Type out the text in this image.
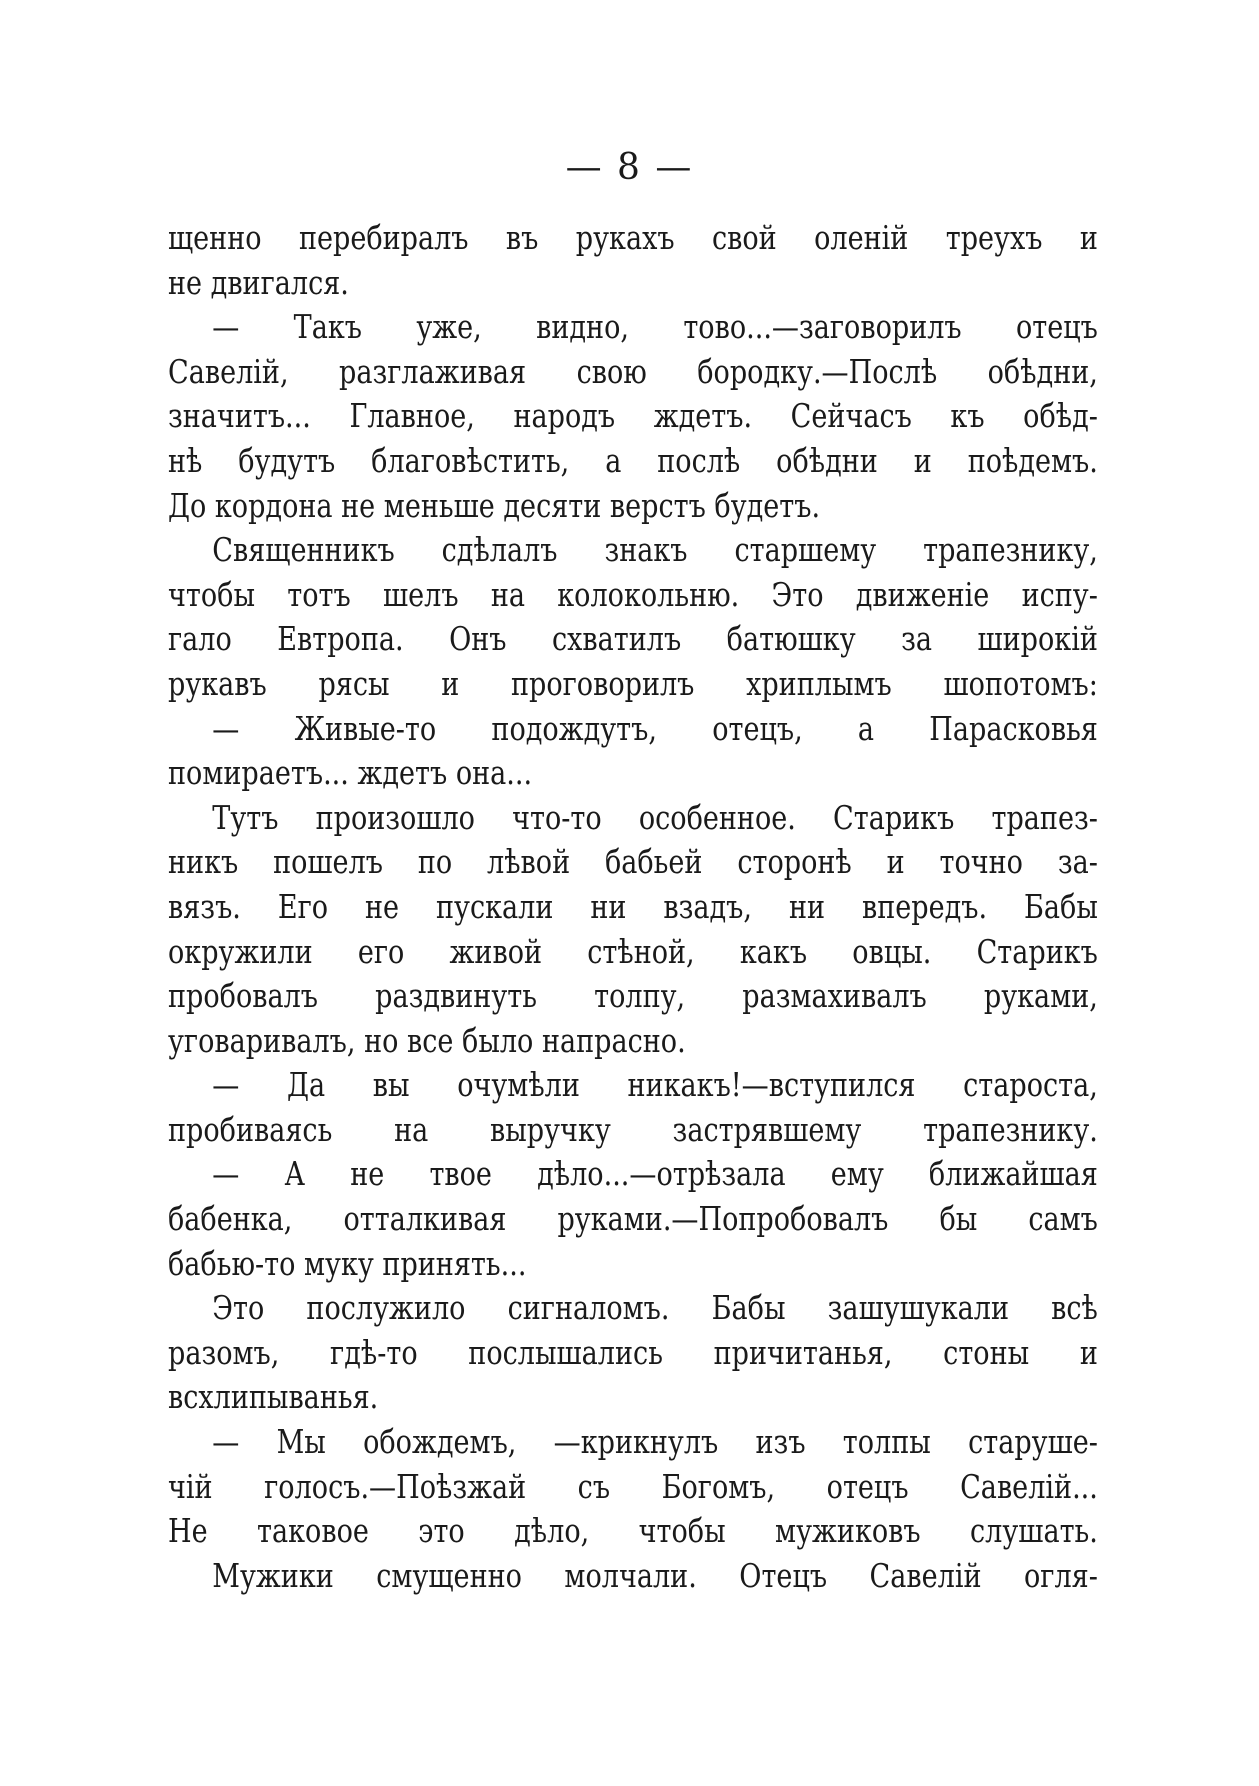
— 8 —
щенно перебиралъ въ рукахъ свой оленій треухъ и
не двигался.
— Такъ уже, видно, тово...—заговорилъ отецъ
Савелій, разглаживая свою бородку.—Послѣ обѣдни,
значитъ... Главное, народъ ждетъ. Сейчасъ къ обѣд-
нѣ будутъ благовѣстить, а послѣ обѣдни и поѣдемъ.
До кордона не меньше десяти верстъ будетъ.
Священникъ сдѣлалъ знакъ старшему трапезнику,
чтобы тотъ шелъ на колокольню. Это движеніе испу-
гало Евтропа. Онъ схватилъ батюшку за широкій
рукавъ рясы и проговорилъ хриплымъ шопотомъ:
— Живые-то подождутъ, отецъ, а Парасковья
помираетъ... ждетъ она...
Тутъ произошло что-то особенное. Старикъ трапез-
никъ пошелъ по лѣвой бабьей сторонѣ и точно за-
вязъ. Его не пускали ни взадъ, ни впередъ. Бабы
окружили его живой стѣной, какъ овцы. Старикъ
пробовалъ раздвинуть толпу, размахивалъ руками,
уговаривалъ, но все было напрасно.
— Да вы очумѣли никакъ!—вступился староста,
пробиваясь на выручку застрявшему трапезнику.
— А не твое дѣло...—отрѣзала ему ближайшая
бабенка, отталкивая руками.—Попробовалъ бы самъ
бабью-то муку принять...
Это послужило сигналомъ. Бабы зашушукали всѣ
разомъ, гдѣ-то послышались причитанья, стоны и
всхлипыванья.
— Мы обождемъ, —крикнулъ изъ толпы старуше-
чій голосъ.—Поѣзжай съ Богомъ, отецъ Савелій...
Не таковое это дѣло, чтобы мужиковъ слушать.
Мужики смущенно молчали. Отецъ Савелій огля-
